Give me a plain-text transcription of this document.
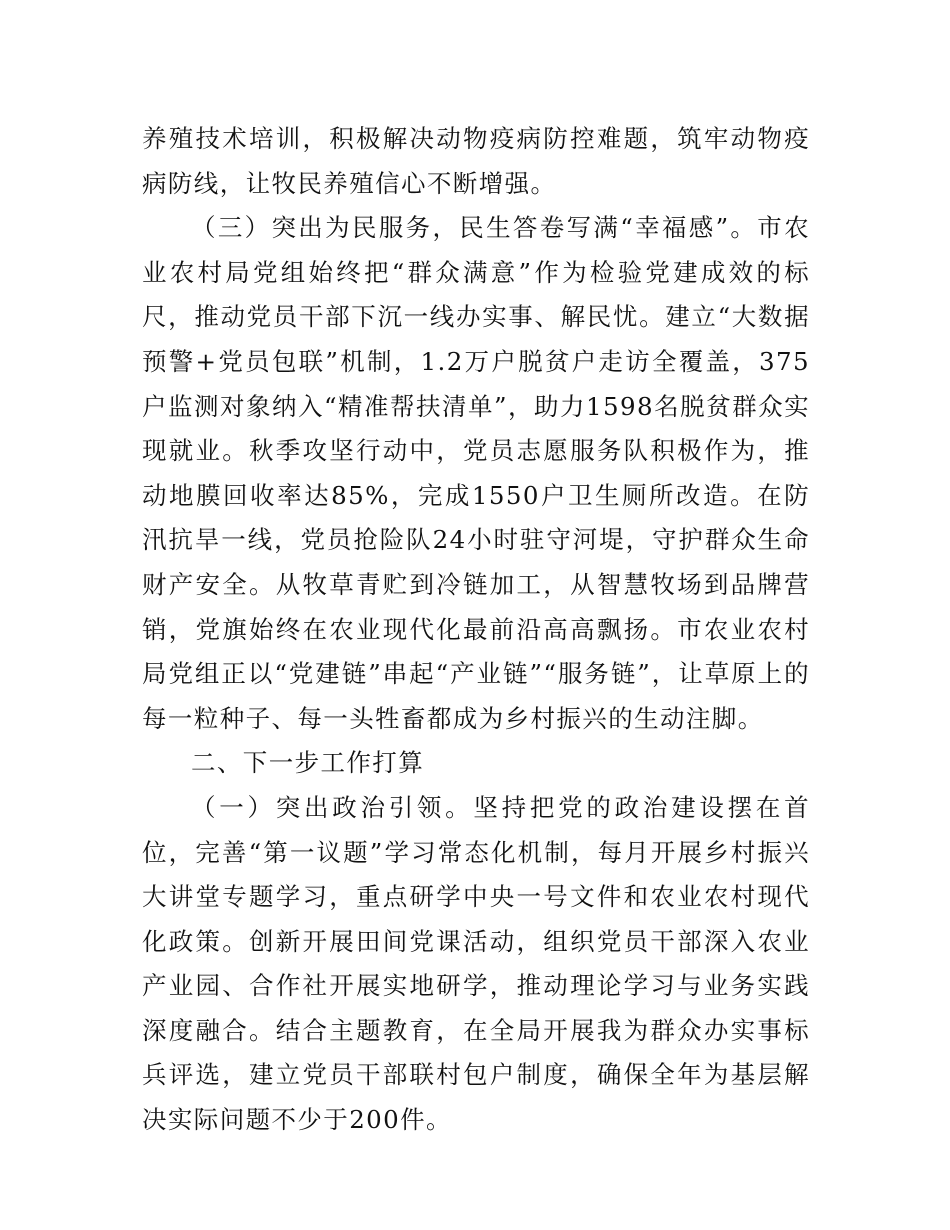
养殖技术培训，积极解决动物疫病防控难题，筑牢动物疫病防线，让牧民养殖信心不断增强。

（三）突出为民服务，民生答卷写满“幸福感”。市农业农村局党组始终把“群众满意”作为检验党建成效的标尺，推动党员干部下沉一线办实事、解民忧。建立“大数据预警+党员包联”机制，1.2万户脱贫户走访全覆盖，375户监测对象纳入“精准帮扶清单”，助力1598名脱贫群众实现就业。秋季攻坚行动中，党员志愿服务队积极作为，推动地膜回收率达85%，完成1550户卫生厕所改造。在防汛抗旱一线，党员抢险队24小时驻守河堤，守护群众生命财产安全。从牧草青贮到冷链加工，从智慧牧场到品牌营销，党旗始终在农业现代化最前沿高高飘扬。市农业农村局党组正以“党建链”串起“产业链”“服务链”，让草原上的每一粒种子、每一头牲畜都成为乡村振兴的生动注脚。

二、下一步工作打算

（一）突出政治引领。坚持把党的政治建设摆在首位，完善“第一议题”学习常态化机制，每月开展乡村振兴大讲堂专题学习，重点研学中央一号文件和农业农村现代化政策。创新开展田间党课活动，组织党员干部深入农业产业园、合作社开展实地研学，推动理论学习与业务实践深度融合。结合主题教育，在全局开展我为群众办实事标兵评选，建立党员干部联村包户制度，确保全年为基层解决实际问题不少于200件。
